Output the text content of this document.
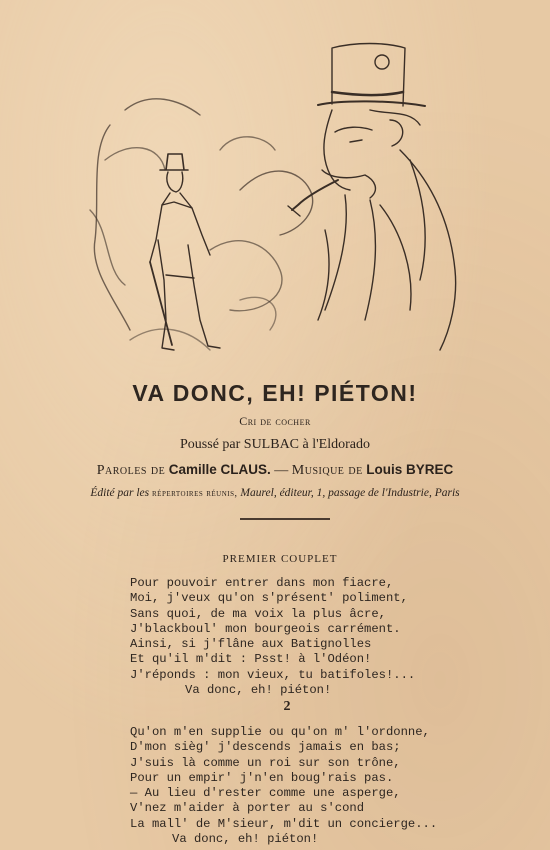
VA DONC, EH! PIÉTON!
Cri de cocher
Poussé par SULBAC à l'Eldorado
Paroles de Camille CLAUS. — Musique de Louis BYREC
Édité par les répertoires réunis, Maurel, éditeur, 1, passage de l'Industrie, Paris
PREMIER COUPLET
Pour pouvoir entrer dans mon fiacre,
Moi, j'veux qu'on s'présent' poliment,
Sans quoi, de ma voix la plus âcre,
J'blackboul' mon bourgeois carrément.
Ainsi, si j'flâne aux Batignolles
Et qu'il m'dit : Psst! à l'Odéon!
J'réponds : mon vieux, tu batifoles!...
Va donc, eh! piéton!
2
Qu'on m'en supplie ou qu'on m' l'ordonne,
D'mon sièg' j'descends jamais en bas;
J'suis là comme un roi sur son trône,
Pour un empir' j'n'en boug'rais pas.
— Au lieu d'rester comme une asperge,
V'nez m'aider à porter au s'cond
La mall' de M'sieur, m'dit un concierge...
Va donc, eh! piéton!
